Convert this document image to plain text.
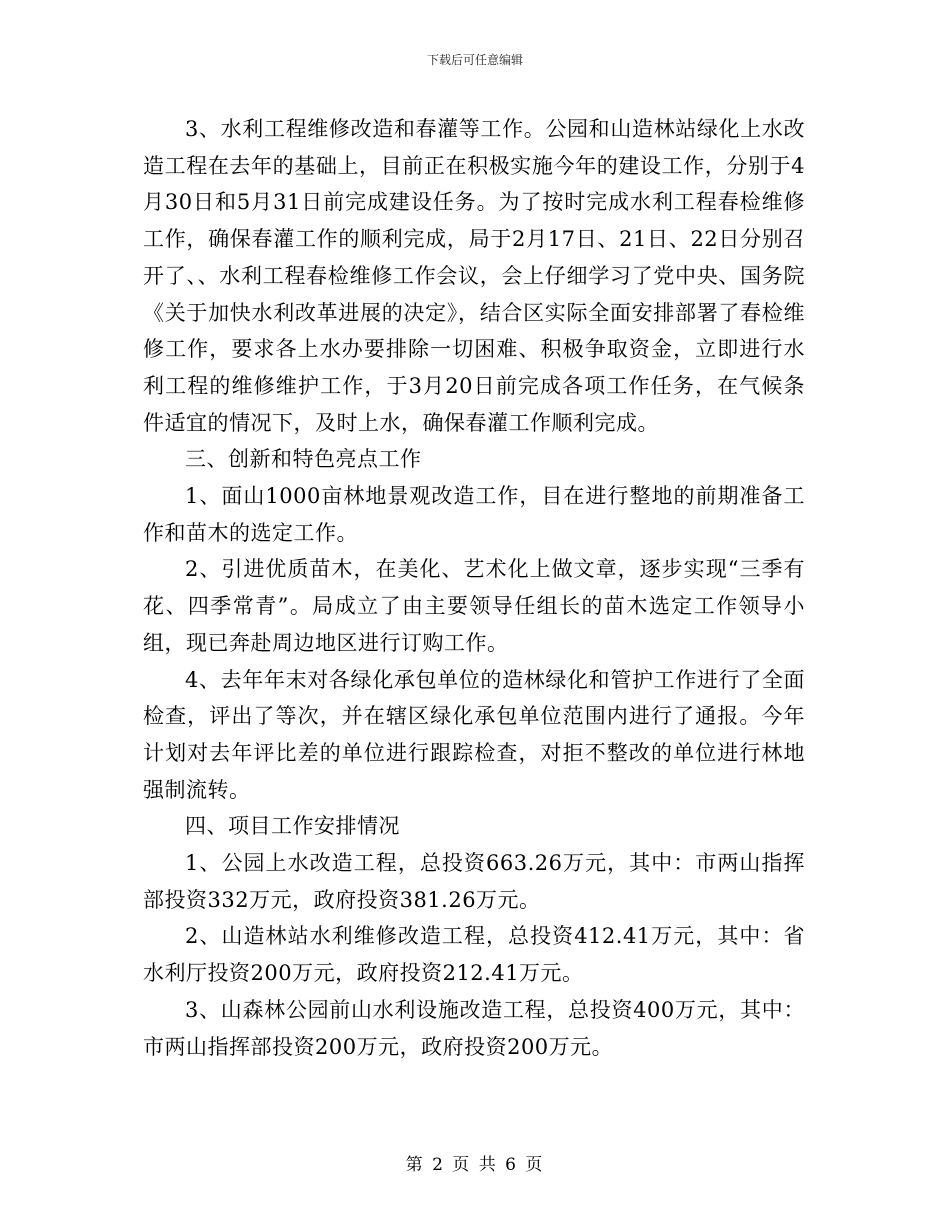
下载后可任意编辑

3、水利工程维修改造和春灌等工作。公园和山造林站绿化上水改造工程在去年的基础上，目前正在积极实施今年的建设工作，分别于4月30日和5月31日前完成建设任务。为了按时完成水利工程春检维修工作，确保春灌工作的顺利完成，局于2月17日、21日、22日分别召开了、、水利工程春检维修工作会议，会上仔细学习了党中央、国务院《关于加快水利改革进展的决定》，结合区实际全面安排部署了春检维修工作，要求各上水办要排除一切困难、积极争取资金，立即进行水利工程的维修维护工作，于3月20日前完成各项工作任务，在气候条件适宜的情况下，及时上水，确保春灌工作顺利完成。

三、创新和特色亮点工作

1、面山1000亩林地景观改造工作，目在进行整地的前期准备工作和苗木的选定工作。

2、引进优质苗木，在美化、艺术化上做文章，逐步实现“三季有花、四季常青”。局成立了由主要领导任组长的苗木选定工作领导小组，现已奔赴周边地区进行订购工作。

4、去年年末对各绿化承包单位的造林绿化和管护工作进行了全面检查，评出了等次，并在辖区绿化承包单位范围内进行了通报。今年计划对去年评比差的单位进行跟踪检查，对拒不整改的单位进行林地强制流转。

四、项目工作安排情况

1、公园上水改造工程，总投资663.26万元，其中：市两山指挥部投资332万元，政府投资381.26万元。

2、山造林站水利维修改造工程，总投资412.41万元，其中：省水利厅投资200万元，政府投资212.41万元。

3、山森林公园前山水利设施改造工程，总投资400万元，其中：市两山指挥部投资200万元，政府投资200万元。

第 2 页 共 6 页
